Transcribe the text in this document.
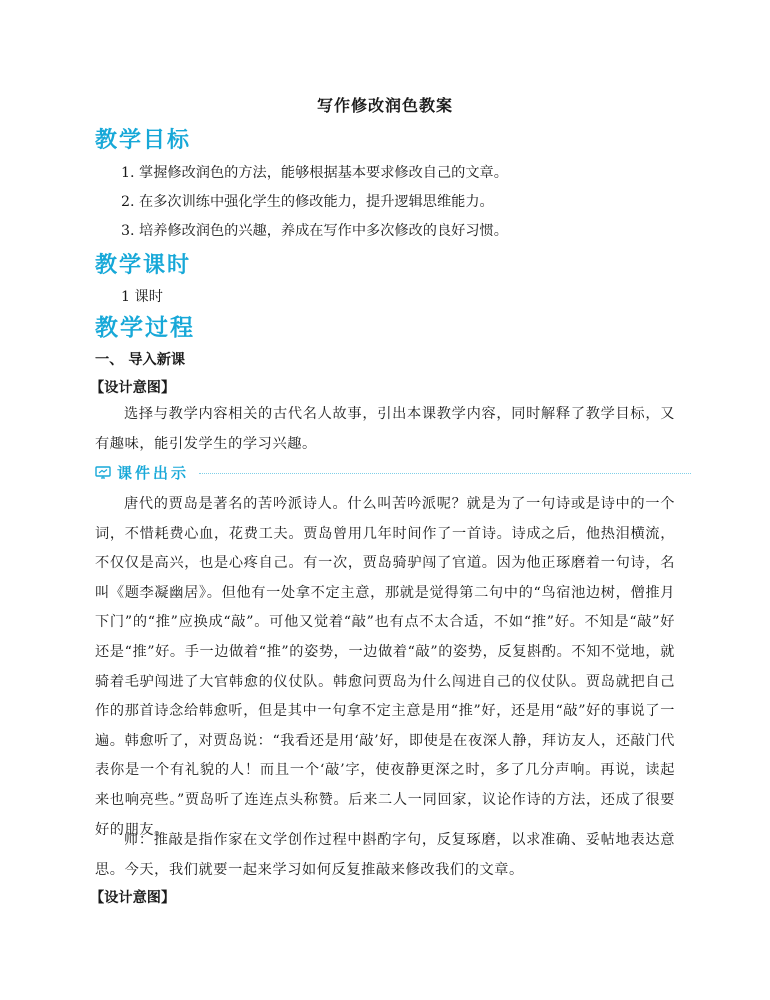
写作修改润色教案
教学目标
1. 掌握修改润色的方法，能够根据基本要求修改自己的文章。
2. 在多次训练中强化学生的修改能力，提升逻辑思维能力。
3. 培养修改润色的兴趣，养成在写作中多次修改的良好习惯。
教学课时
1 课时
教学过程
一、 导入新课
【设计意图】
选择与教学内容相关的古代名人故事，引出本课教学内容，同时解释了教学目标，又有趣味，能引发学生的学习兴趣。
课件出示
唐代的贾岛是著名的苦吟派诗人。什么叫苦吟派呢？就是为了一句诗或是诗中的一个词，不惜耗费心血，花费工夫。贾岛曾用几年时间作了一首诗。诗成之后，他热泪横流，不仅仅是高兴，也是心疼自己。有一次，贾岛骑驴闯了官道。因为他正琢磨着一句诗，名叫《题李凝幽居》。但他有一处拿不定主意，那就是觉得第二句中的“鸟宿池边树，僧推月下门”的“推”应换成“敲”。可他又觉着“敲”也有点不太合适，不如“推”好。不知是“敲”好还是“推”好。手一边做着“推”的姿势，一边做着“敲”的姿势，反复斟酌。不知不觉地，就骑着毛驴闯进了大官韩愈的仪仗队。韩愈问贾岛为什么闯进自己的仪仗队。贾岛就把自己作的那首诗念给韩愈听，但是其中一句拿不定主意是用“推”好，还是用“敲”好的事说了一遍。韩愈听了，对贾岛说：“我看还是用‘敲’好，即使是在夜深人静，拜访友人，还敲门代表你是一个有礼貌的人！而且一个‘敲’字，使夜静更深之时，多了几分声响。再说，读起来也响亮些。”贾岛听了连连点头称赞。后来二人一同回家，议论作诗的方法，还成了很要好的朋友。
师：推敲是指作家在文学创作过程中斟酌字句，反复琢磨，以求准确、妥帖地表达意思。今天，我们就要一起来学习如何反复推敲来修改我们的文章。
【设计意图】
